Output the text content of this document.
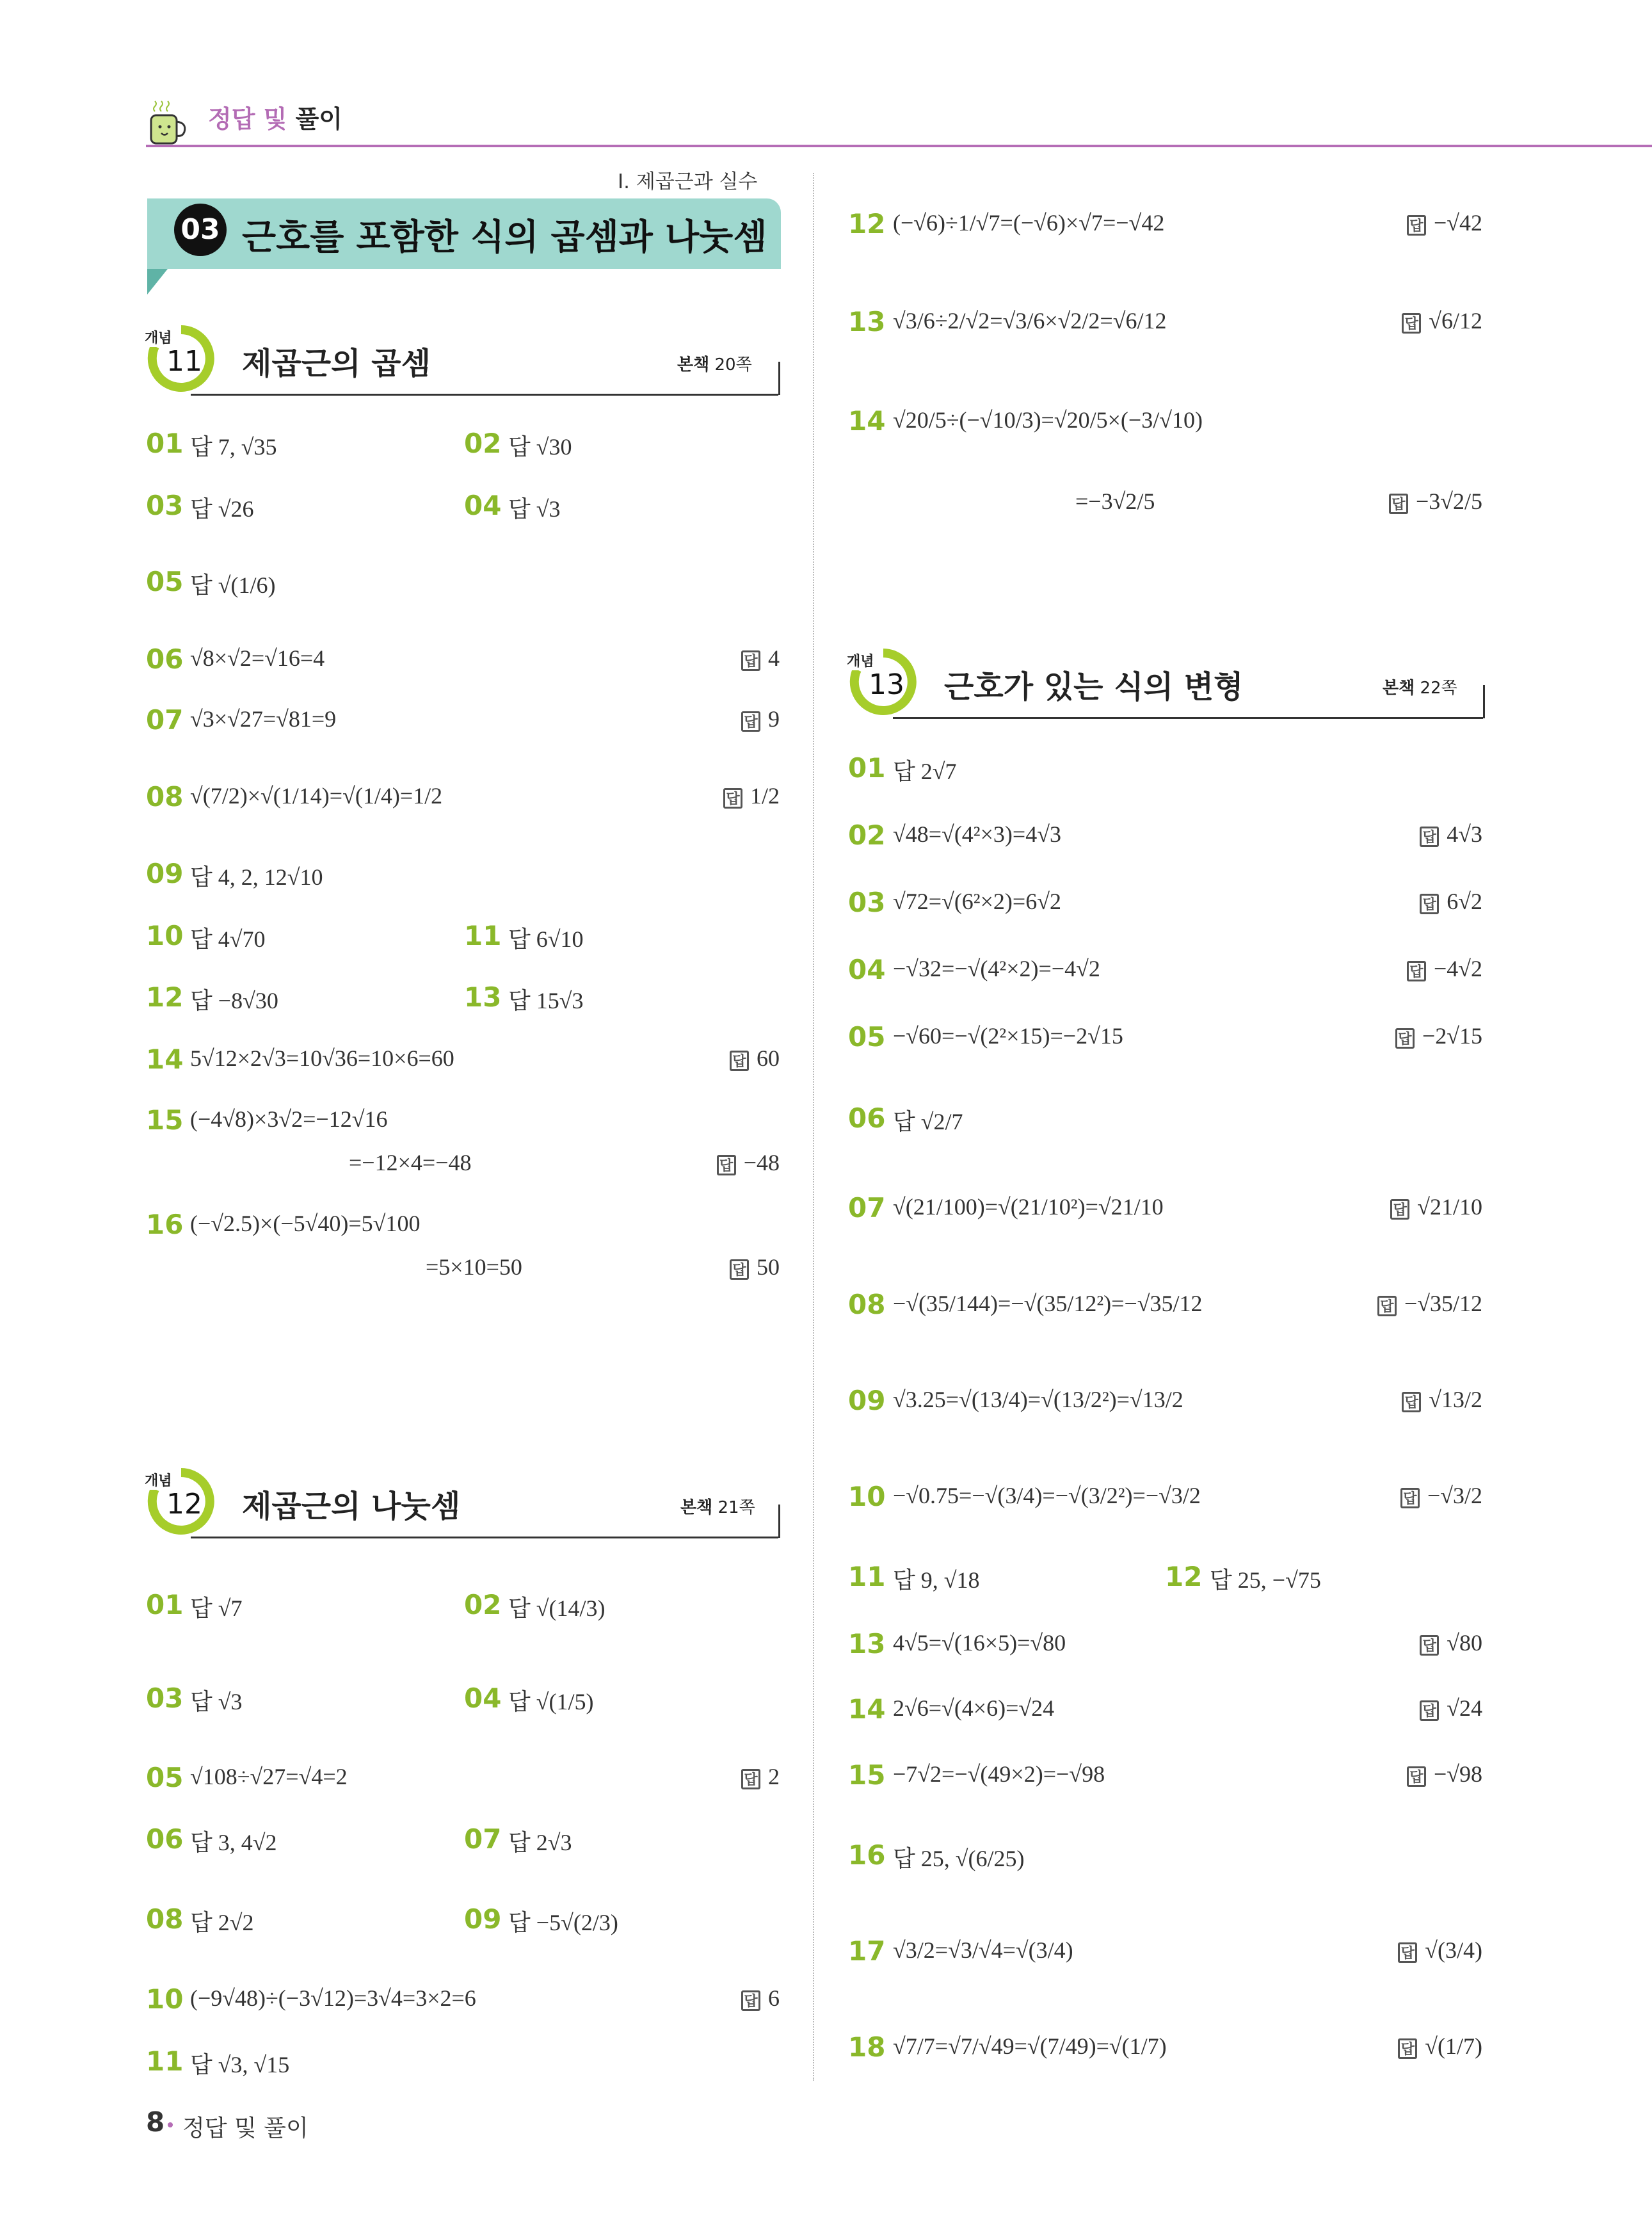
정답 및 풀이
Ⅰ. 제곱근과 실수
03 근호를 포함한 식의 곱셈과 나눗셈
개념
11 제곱근의 곱셈	본책 20쪽
개념
12 제곱근의 나눗셈	본책 21쪽
개념
13 근호가 있는 식의 변형	본책 22쪽
01 답 7, √35	02 답 √30
03 답 √26	04 답 √3
05 답 √(1/6)
06 √8×√2=√16=4	답 4
07 √3×√27=√81=9	답 9
08 √(7/2)×√(1/14)=√(1/4)=1/2	답 1/2
09 답 4, 2, 12√10
10 답 4√70	11 답 6√10
12 답 −8√30	13 답 15√3
14 5√12×2√3=10√36=10×6=60	답 60
15 (−4√8)×3√2=−12√16
=−12×4=−48	답 −48
16 (−√2.5)×(−5√40)=5√100
=5×10=50	답 50
01 답 √7	02 답 √(14/3)
03 답 √3	04 답 √(1/5)
05 √108÷√27=√4=2	답 2
06 답 3, 4√2	07 답 2√3
08 답 2√2	09 답 −5√(2/3)
10 (−9√48)÷(−3√12)=3√4=3×2=6	답 6
11 답 √3, √15
12 (−√6)÷1/√7=(−√6)×√7=−√42	답 −√42
13 √3/6÷2/√2=√3/6×√2/2=√6/12	답 √6/12
14 √20/5÷(−√10/3)=√20/5×(−3/√10)
=−3√2/5	답 −3√2/5
01 답 2√7
02 √48=√(4²×3)=4√3	답 4√3
03 √72=√(6²×2)=6√2	답 6√2
04 −√32=−√(4²×2)=−4√2	답 −4√2
05 −√60=−√(2²×15)=−2√15	답 −2√15
06 답 √2/7
07 √(21/100)=√(21/10²)=√21/10	답 √21/10
08 −√(35/144)=−√(35/12²)=−√35/12	답 −√35/12
09 √3.25=√(13/4)=√(13/2²)=√13/2	답 √13/2
10 −√0.75=−√(3/4)=−√(3/2²)=−√3/2	답 −√3/2
11 답 9, √18	12 답 25, −√75
13 4√5=√(16×5)=√80	답 √80
14 2√6=√(4×6)=√24	답 √24
15 −7√2=−√(49×2)=−√98	답 −√98
16 답 25, √(6/25)
17 √3/2=√3/√4=√(3/4)	답 √(3/4)
18 √7/7=√7/√49=√(7/49)=√(1/7)	답 √(1/7)
8 정답 및 풀이
